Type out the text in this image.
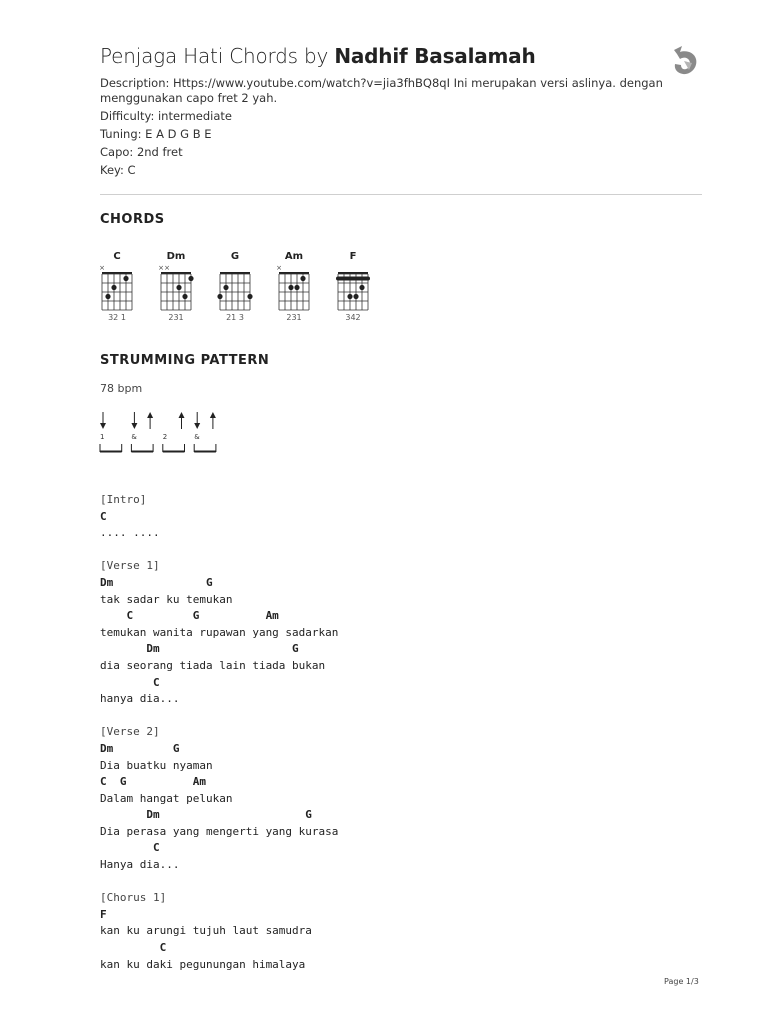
Penjaga Hati Chords by Nadhif Basalamah
Description: Https://www.youtube.com/watch?v=jia3fhBQ8qI Ini merupakan versi aslinya. dengan menggunakan capo fret 2 yah.
Difficulty: intermediate
Tuning: E A D G B E
Capo: 2nd fret
Key: C
CHORDS
C
×
32 1
Dm
× ×
231
G
21 3
Am
×
231
F
342
STRUMMING PATTERN
78 bpm
1	&	2	&
[Intro]
C
.... ....
[Verse 1]
Dm              G
tak sadar ku temukan
C         G          Am
temukan wanita rupawan yang sadarkan
Dm                    G
dia seorang tiada lain tiada bukan
C
hanya dia...
[Verse 2]
Dm         G
Dia buatku nyaman
C  G          Am
Dalam hangat pelukan
Dm                      G
Dia perasa yang mengerti yang kurasa
C
Hanya dia...
[Chorus 1]
F
kan ku arungi tujuh laut samudra
C
kan ku daki pegunungan himalaya
Page 1/3
